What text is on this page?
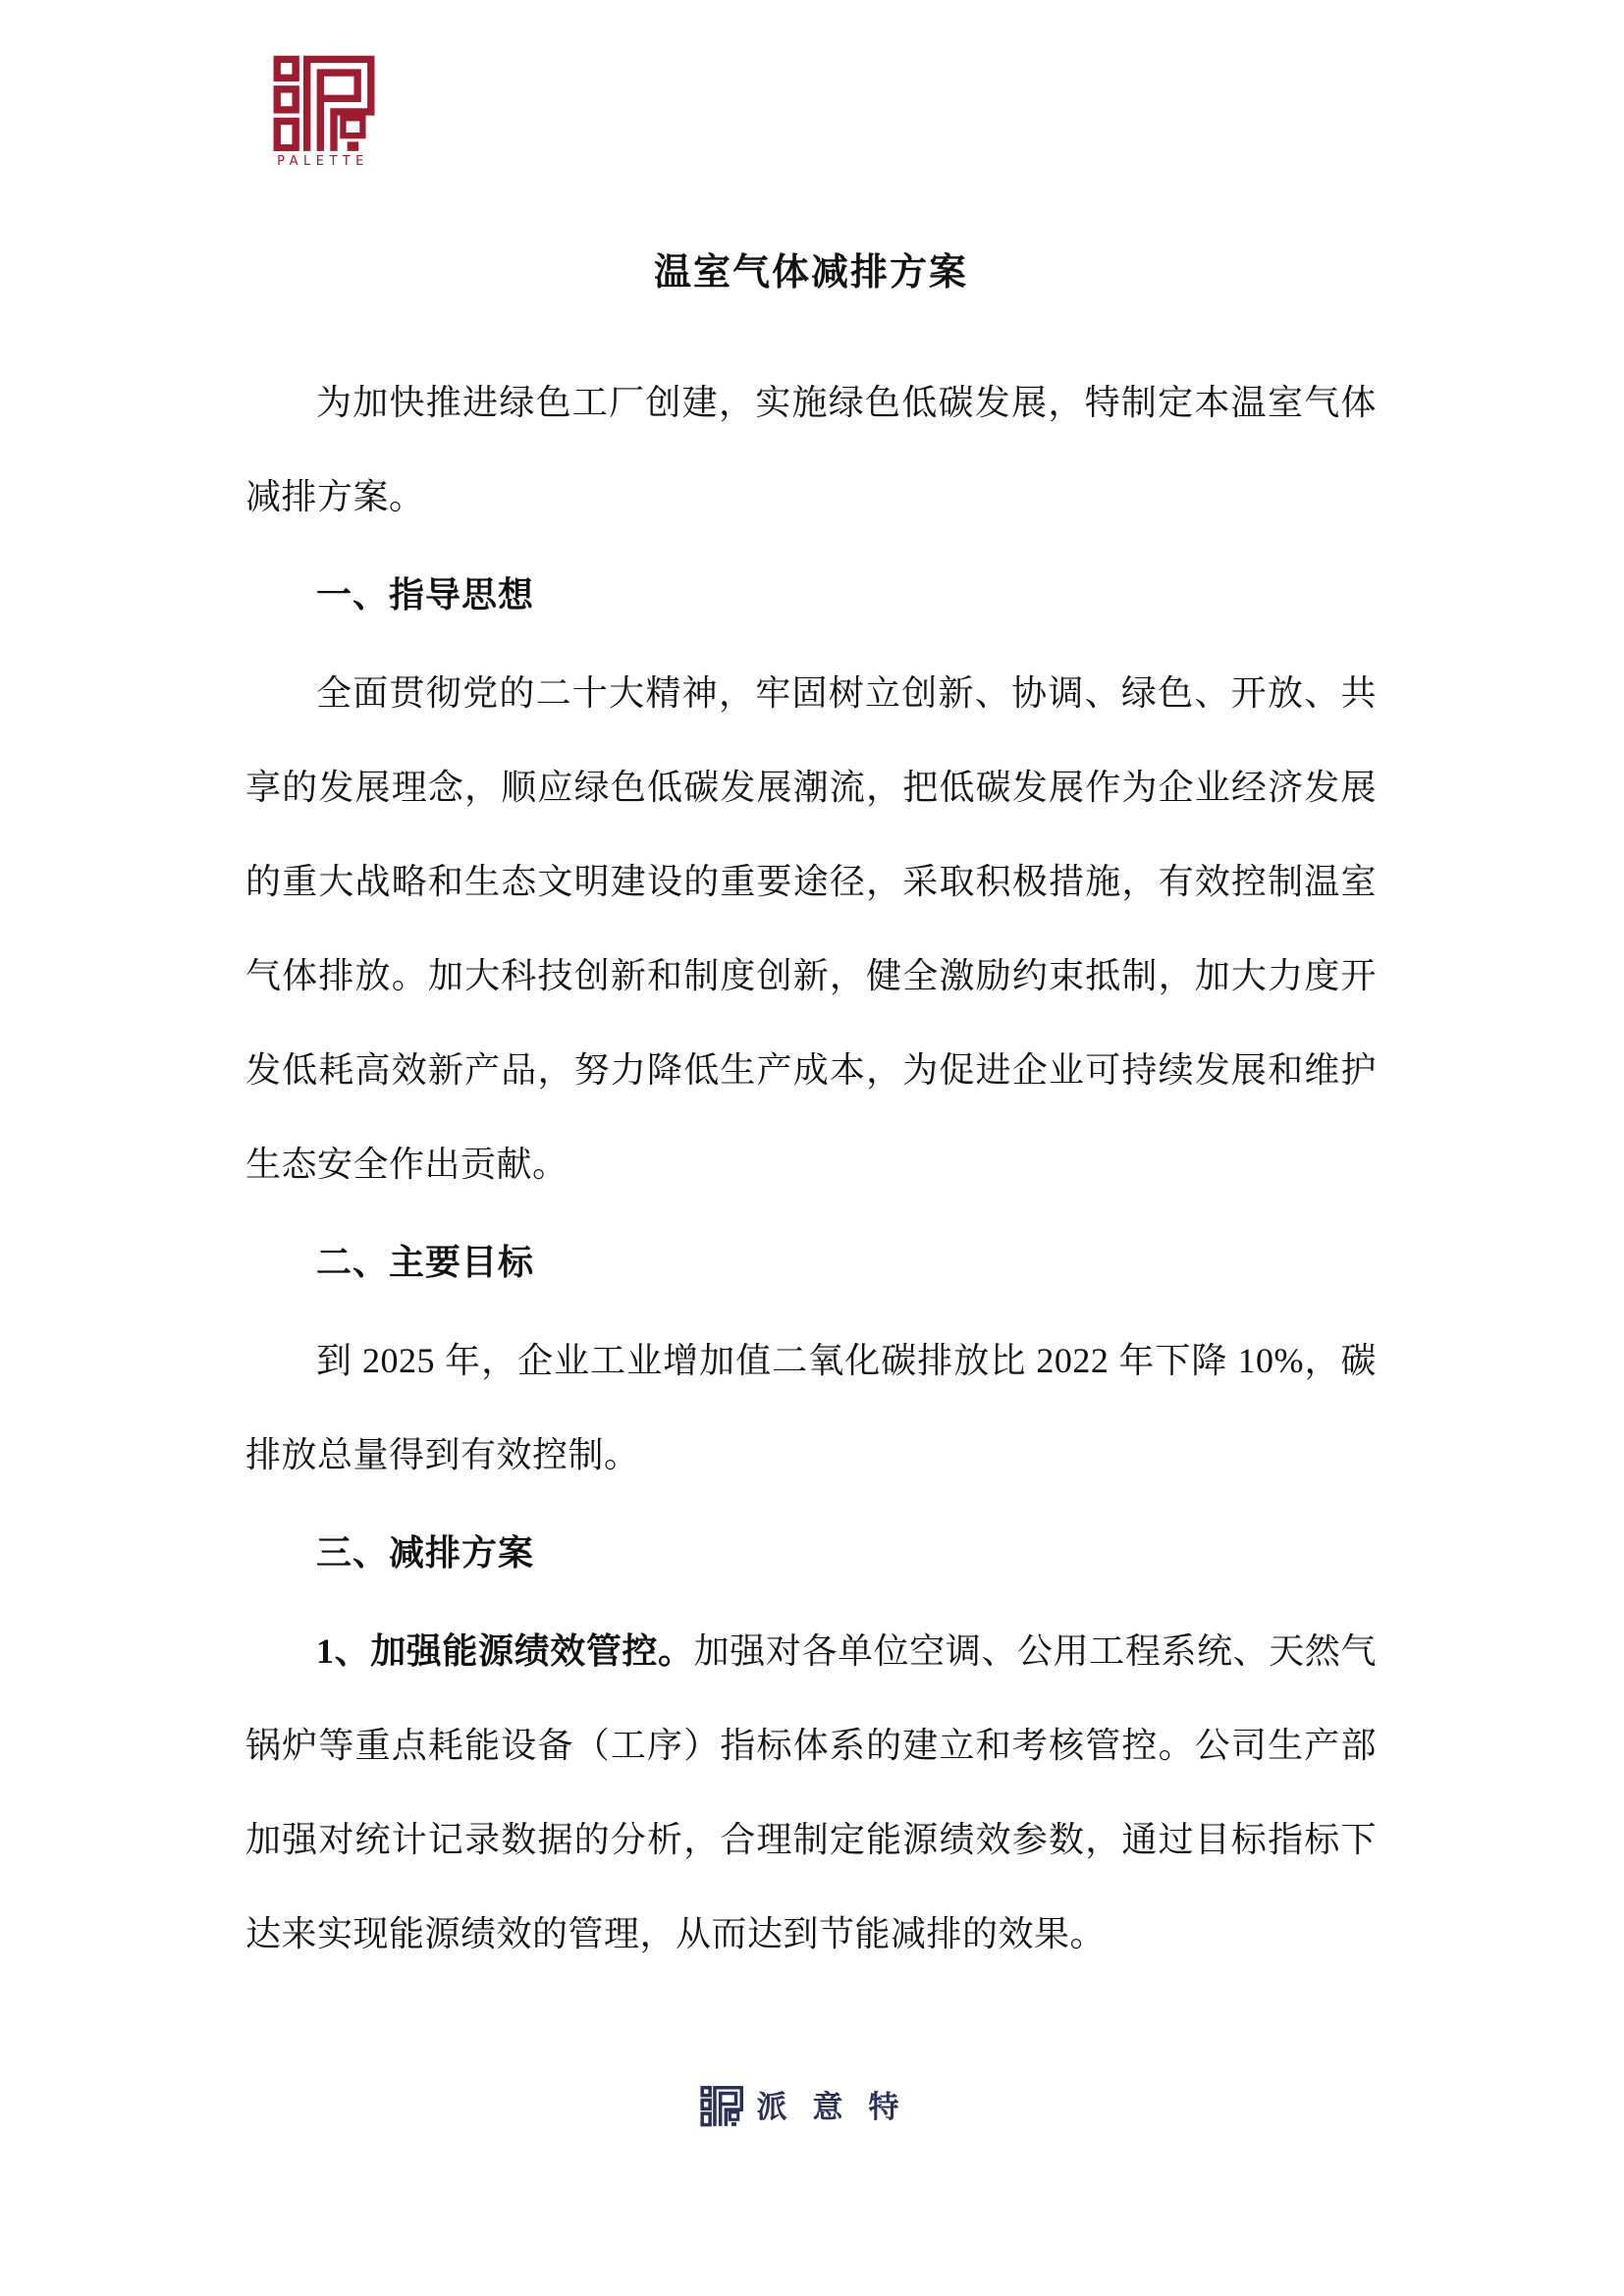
PALETTE
温室气体减排方案

为加快推进绿色工厂创建，实施绿色低碳发展，特制定本温室气体减排方案。

一、指导思想

全面贯彻党的二十大精神，牢固树立创新、协调、绿色、开放、共享的发展理念，顺应绿色低碳发展潮流，把低碳发展作为企业经济发展的重大战略和生态文明建设的重要途径，采取积极措施，有效控制温室气体排放。加大科技创新和制度创新，健全激励约束抵制，加大力度开发低耗高效新产品，努力降低生产成本，为促进企业可持续发展和维护生态安全作出贡献。

二、主要目标

到 2025 年，企业工业增加值二氧化碳排放比 2022 年下降 10%，碳排放总量得到有效控制。

三、减排方案

1、加强能源绩效管控。加强对各单位空调、公用工程系统、天然气锅炉等重点耗能设备（工序）指标体系的建立和考核管控。公司生产部加强对统计记录数据的分析，合理制定能源绩效参数，通过目标指标下达来实现能源绩效的管理，从而达到节能减排的效果。

派意特
